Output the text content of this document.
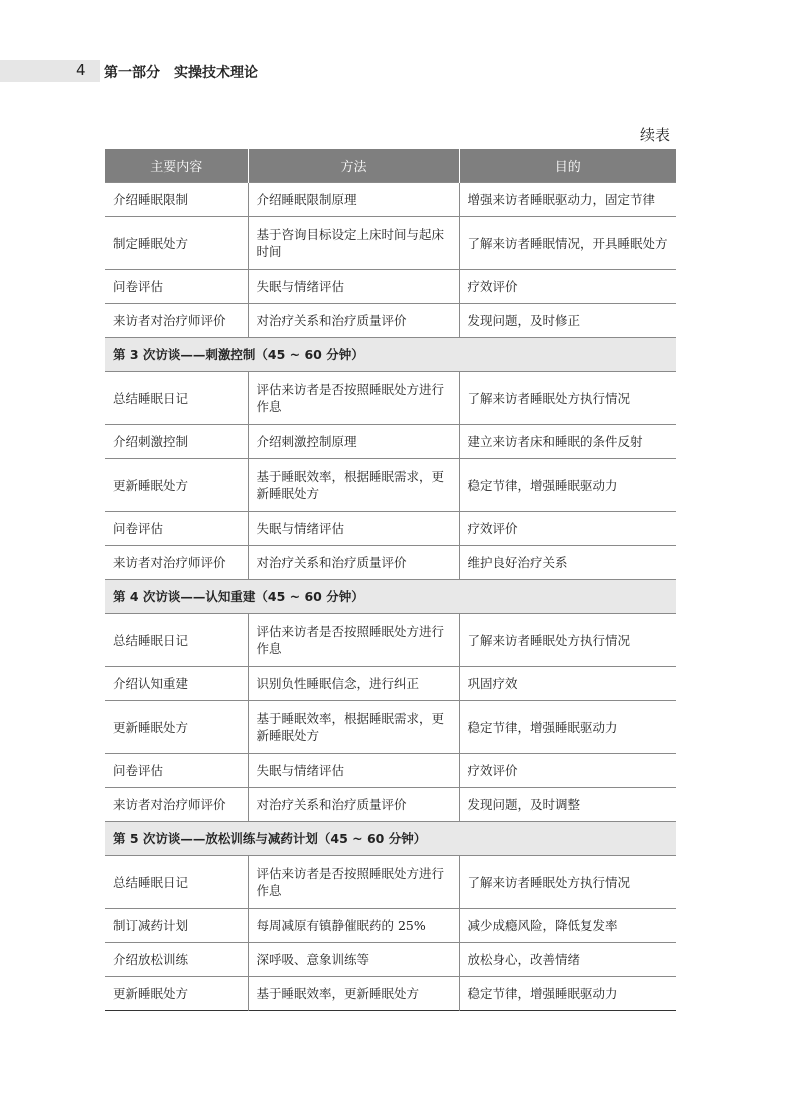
4 第一部分　实操技术理论
续表
主要内容	方法	目的
介绍睡眠限制	介绍睡眠限制原理	增强来访者睡眠驱动力，固定节律
制定睡眠处方	基于咨询目标设定上床时间与起床时间	了解来访者睡眠情况，开具睡眠处方
问卷评估	失眠与情绪评估	疗效评价
来访者对治疗师评价	对治疗关系和治疗质量评价	发现问题，及时修正
第 3 次访谈——刺激控制（45 ~ 60 分钟）		
总结睡眠日记	评估来访者是否按照睡眠处方进行作息	了解来访者睡眠处方执行情况
介绍刺激控制	介绍刺激控制原理	建立来访者床和睡眠的条件反射
更新睡眠处方	基于睡眠效率，根据睡眠需求，更新睡眠处方	稳定节律，增强睡眠驱动力
问卷评估	失眠与情绪评估	疗效评价
来访者对治疗师评价	对治疗关系和治疗质量评价	维护良好治疗关系
第 4 次访谈——认知重建（45 ~ 60 分钟）		
总结睡眠日记	评估来访者是否按照睡眠处方进行作息	了解来访者睡眠处方执行情况
介绍认知重建	识别负性睡眠信念，进行纠正	巩固疗效
更新睡眠处方	基于睡眠效率，根据睡眠需求，更新睡眠处方	稳定节律，增强睡眠驱动力
问卷评估	失眠与情绪评估	疗效评价
来访者对治疗师评价	对治疗关系和治疗质量评价	发现问题，及时调整
第 5 次访谈——放松训练与减药计划（45 ~ 60 分钟）		
总结睡眠日记	评估来访者是否按照睡眠处方进行作息	了解来访者睡眠处方执行情况
制订减药计划	每周减原有镇静催眠药的 25%	减少成瘾风险，降低复发率
介绍放松训练	深呼吸、意象训练等	放松身心，改善情绪
更新睡眠处方	基于睡眠效率，更新睡眠处方	稳定节律，增强睡眠驱动力
